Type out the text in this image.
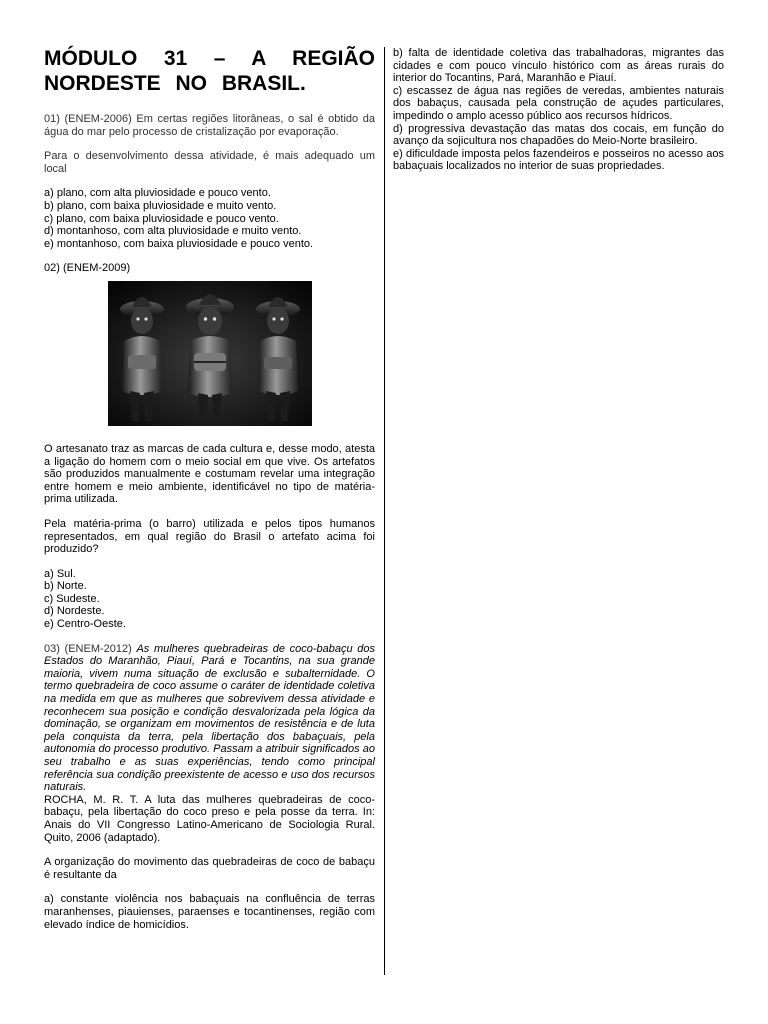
MÓDULO 31 – A REGIÃO NORDESTE NO BRASIL.

01) (ENEM-2006) Em certas regiões litorâneas, o sal é obtido da água do mar pelo processo de cristalização por evaporação.

Para o desenvolvimento dessa atividade, é mais adequado um local

a) plano, com alta pluviosidade e pouco vento.

b) plano, com baixa pluviosidade e muito vento.

c) plano, com baixa pluviosidade e pouco vento.

d) montanhoso, com alta pluviosidade e muito vento.

e) montanhoso, com baixa pluviosidade e pouco vento.

02) (ENEM-2009)

O artesanato traz as marcas de cada cultura e, desse modo, atesta a ligação do homem com o meio social em que vive. Os artefatos são produzidos manualmente e costumam revelar uma integração entre homem e meio ambiente, identificável no tipo de matéria-prima utilizada.

Pela matéria-prima (o barro) utilizada e pelos tipos humanos representados, em qual região do Brasil o artefato acima foi produzido?

a) Sul.

b) Norte.

c) Sudeste.

d) Nordeste.

e) Centro-Oeste.

03) (ENEM-2012) As mulheres quebradeiras de coco-babaçu dos Estados do Maranhão, Piauí, Pará e Tocantins, na sua grande maioria, vivem numa situação de exclusão e subalternidade. O termo quebradeira de coco assume o caráter de identidade coletiva na medida em que as mulheres que sobrevivem dessa atividade e reconhecem sua posição e condição desvalorizada pela lógica da dominação, se organizam em movimentos de resistência e de luta pela conquista da terra, pela libertação dos babaçuais, pela autonomia do processo produtivo. Passam a atribuir significados ao seu trabalho e as suas experiências, tendo como principal referência sua condição preexistente de acesso e uso dos recursos naturais.

ROCHA, M. R. T. A luta das mulheres quebradeiras de coco-babaçu, pela libertação do coco preso e pela posse da terra. In: Anais do VII Congresso Latino-Americano de Sociologia Rural. Quito, 2006 (adaptado).

A organização do movimento das quebradeiras de coco de babaçu é resultante da

a) constante violência nos babaçuais na confluência de terras maranhenses, piauienses, paraenses e tocantinenses, região com elevado índice de homicídios.

b) falta de identidade coletiva das trabalhadoras, migrantes das cidades e com pouco vínculo histórico com as áreas rurais do interior do Tocantins, Pará, Maranhão e Piauí.

c) escassez de água nas regiões de veredas, ambientes naturais dos babaçus, causada pela construção de açudes particulares, impedindo o amplo acesso público aos recursos hídricos.

d) progressiva devastação das matas dos cocais, em função do avanço da sojicultura nos chapadões do Meio-Norte brasileiro.

e) dificuldade imposta pelos fazendeiros e posseiros no acesso aos babaçuais localizados no interior de suas propriedades.
